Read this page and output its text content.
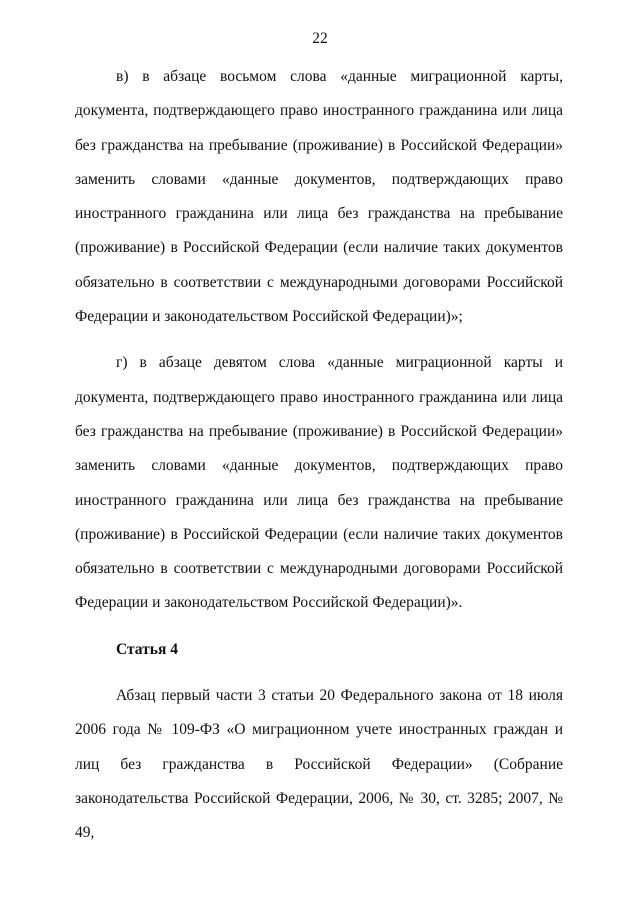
22

в) в абзаце восьмом слова «данные миграционной карты, документа, подтверждающего право иностранного гражданина или лица без гражданства на пребывание (проживание) в Российской Федерации» заменить словами «данные документов, подтверждающих право иностранного гражданина или лица без гражданства на пребывание (проживание) в Российской Федерации (если наличие таких документов обязательно в соответствии с международными договорами Российской Федерации и законодательством Российской Федерации)»;

г) в абзаце девятом слова «данные миграционной карты и документа, подтверждающего право иностранного гражданина или лица без гражданства на пребывание (проживание) в Российской Федерации» заменить словами «данные документов, подтверждающих право иностранного гражданина или лица без гражданства на пребывание (проживание) в Российской Федерации (если наличие таких документов обязательно в соответствии с международными договорами Российской Федерации и законодательством Российской Федерации)».

Статья 4

Абзац первый части 3 статьи 20 Федерального закона от 18 июля 2006 года № 109-ФЗ «О миграционном учете иностранных граждан и лиц без гражданства в Российской Федерации» (Собрание законодательства Российской Федерации, 2006, № 30, ст. 3285; 2007, № 49,
